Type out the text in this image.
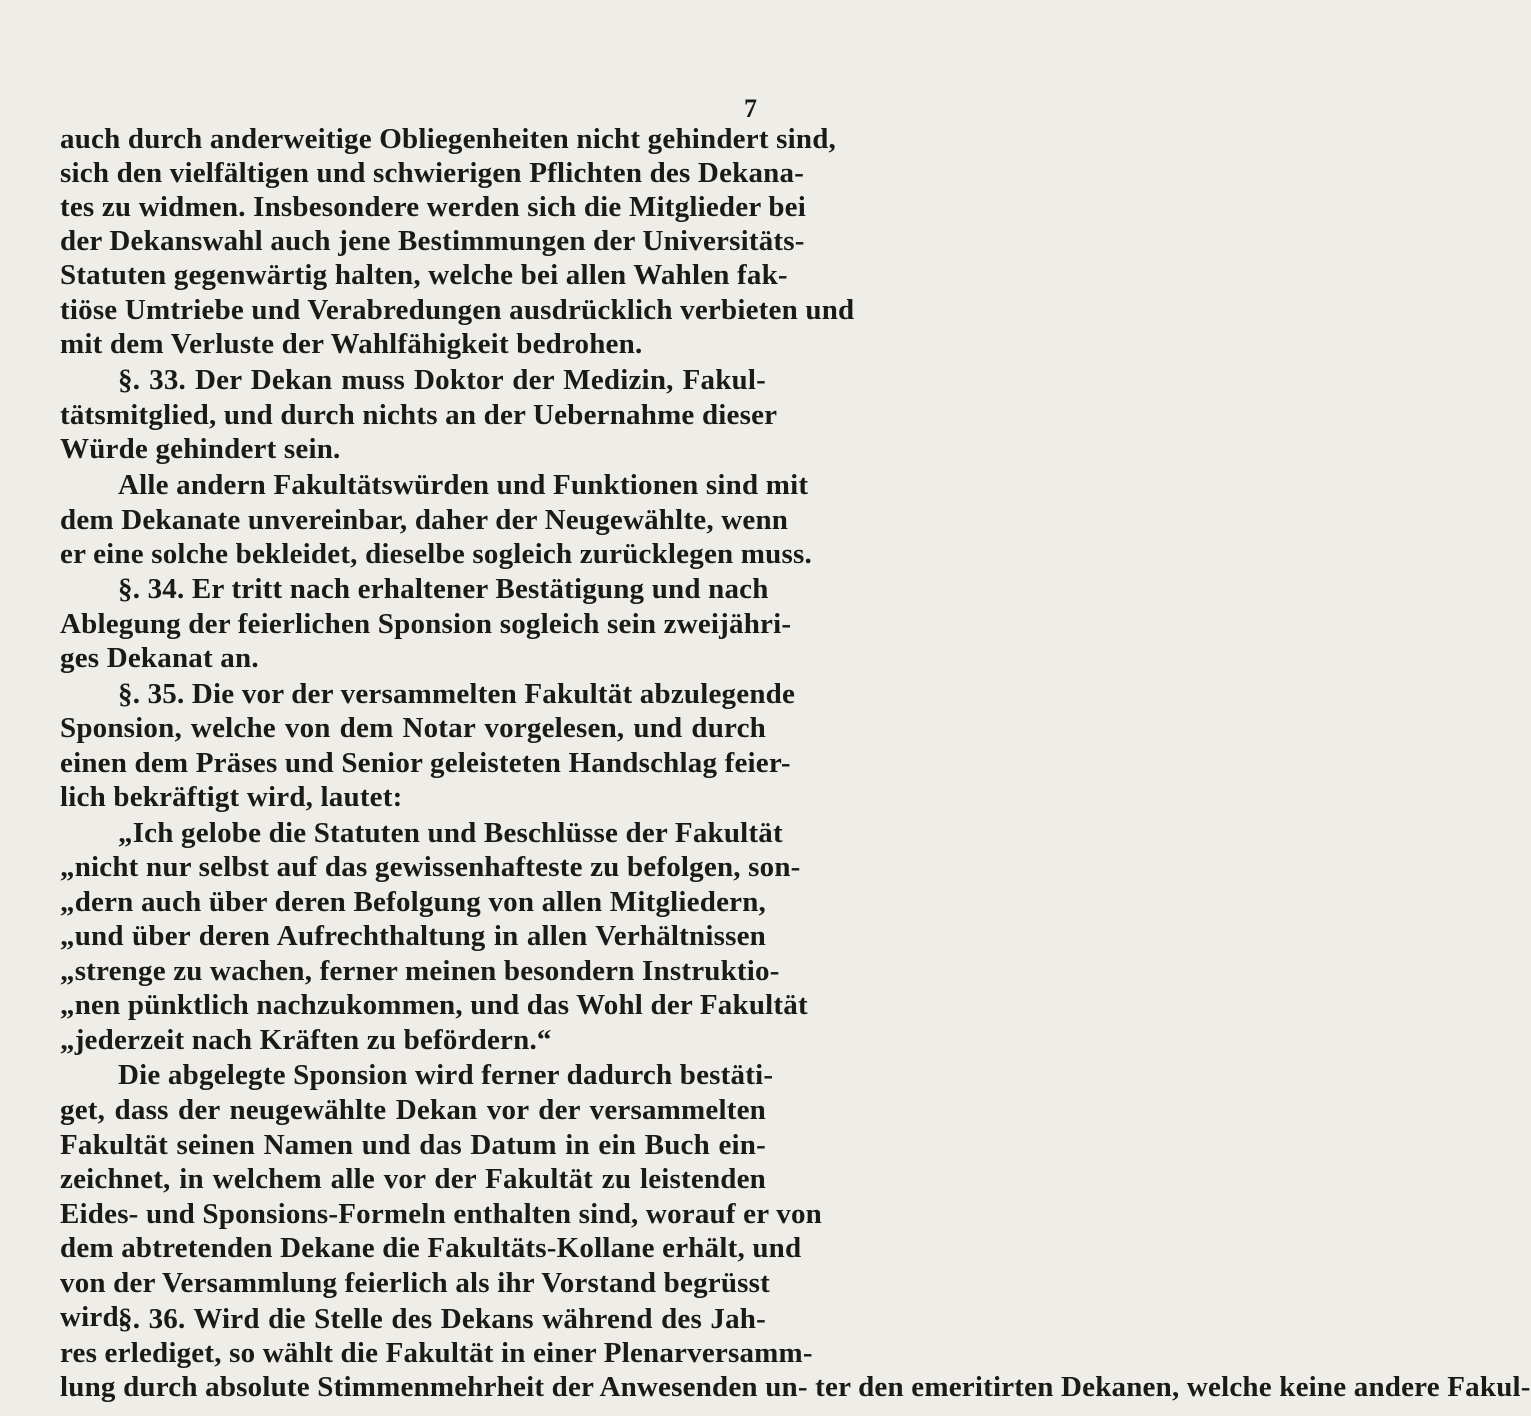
7
auch durch anderweitige Obliegenheiten nicht gehindert sind,
sich den vielfältigen und schwierigen Pflichten des Dekana-
tes zu widmen. Insbesondere werden sich die Mitglieder bei
der Dekanswahl auch jene Bestimmungen der Universitäts-
Statuten gegenwärtig halten, welche bei allen Wahlen fak-
tiöse Umtriebe und Verabredungen ausdrücklich verbieten und
mit dem Verluste der Wahlfähigkeit bedrohen.
§. 33. Der Dekan muss Doktor der Medizin, Fakul-
tätsmitglied, und durch nichts an der Uebernahme dieser
Würde gehindert sein.
Alle andern Fakultätswürden und Funktionen sind mit
dem Dekanate unvereinbar, daher der Neugewählte, wenn
er eine solche bekleidet, dieselbe sogleich zurücklegen muss.
§. 34. Er tritt nach erhaltener Bestätigung und nach
Ablegung der feierlichen Sponsion sogleich sein zweijähri-
ges Dekanat an.
§. 35. Die vor der versammelten Fakultät abzulegende
Sponsion, welche von dem Notar vorgelesen, und durch
einen dem Präses und Senior geleisteten Handschlag feier-
lich bekräftigt wird, lautet:
„Ich gelobe die Statuten und Beschlüsse der Fakultät
„nicht nur selbst auf das gewissenhafteste zu befolgen, son-
„dern auch über deren Befolgung von allen Mitgliedern,
„und über deren Aufrechthaltung in allen Verhältnissen
„strenge zu wachen, ferner meinen besondern Instruktio-
„nen pünktlich nachzukommen, und das Wohl der Fakultät
„jederzeit nach Kräften zu befördern.“
Die abgelegte Sponsion wird ferner dadurch bestäti-
get, dass der neugewählte Dekan vor der versammelten
Fakultät seinen Namen und das Datum in ein Buch ein-
zeichnet, in welchem alle vor der Fakultät zu leistenden
Eides- und Sponsions-Formeln enthalten sind, worauf er von
dem abtretenden Dekane die Fakultäts-Kollane erhält, und
von der Versammlung feierlich als ihr Vorstand begrüsst
wird.
§. 36. Wird die Stelle des Dekans während des Jah-
res erlediget, so wählt die Fakultät in einer Plenarversamm-
lung durch absolute Stimmenmehrheit der Anwesenden un- ter den emeritirten Dekanen, welche keine andere Fakul-
